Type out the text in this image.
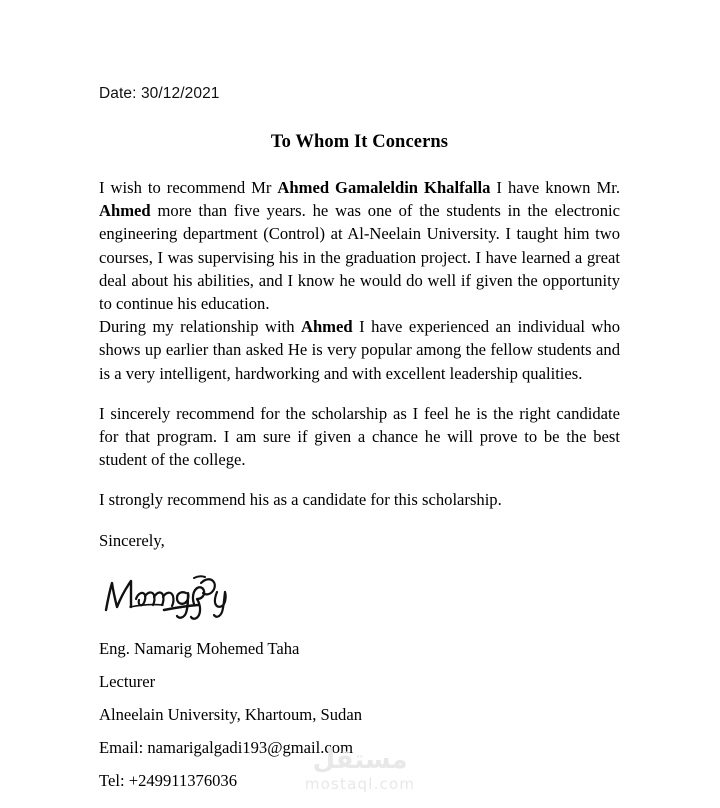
Date: 30/12/2021
To Whom It Concerns

I wish to recommend Mr Ahmed Gamaleldin Khalfalla I have known Mr. Ahmed more than five years. he was one of the students in the electronic engineering department (Control) at Al-Neelain University. I taught him two courses, I was supervising his in the graduation project. I have learned a great deal about his abilities, and I know he would do well if given the opportunity to continue his education.

During my relationship with Ahmed I have experienced an individual who shows up earlier than asked He is very popular among the fellow students and is a very intelligent, hardworking and with excellent leadership qualities.

I sincerely recommend for the scholarship as I feel he is the right candidate for that program. I am sure if given a chance he will prove to be the best student of the college.

I strongly recommend his as a candidate for this scholarship.

Sincerely,

Eng. Namarig Mohemed Taha

Lecturer

Alneelain University, Khartoum, Sudan

Email: namarigalgadi193@gmail.com

Tel: +249911376036

مستقل
mostaql.com
